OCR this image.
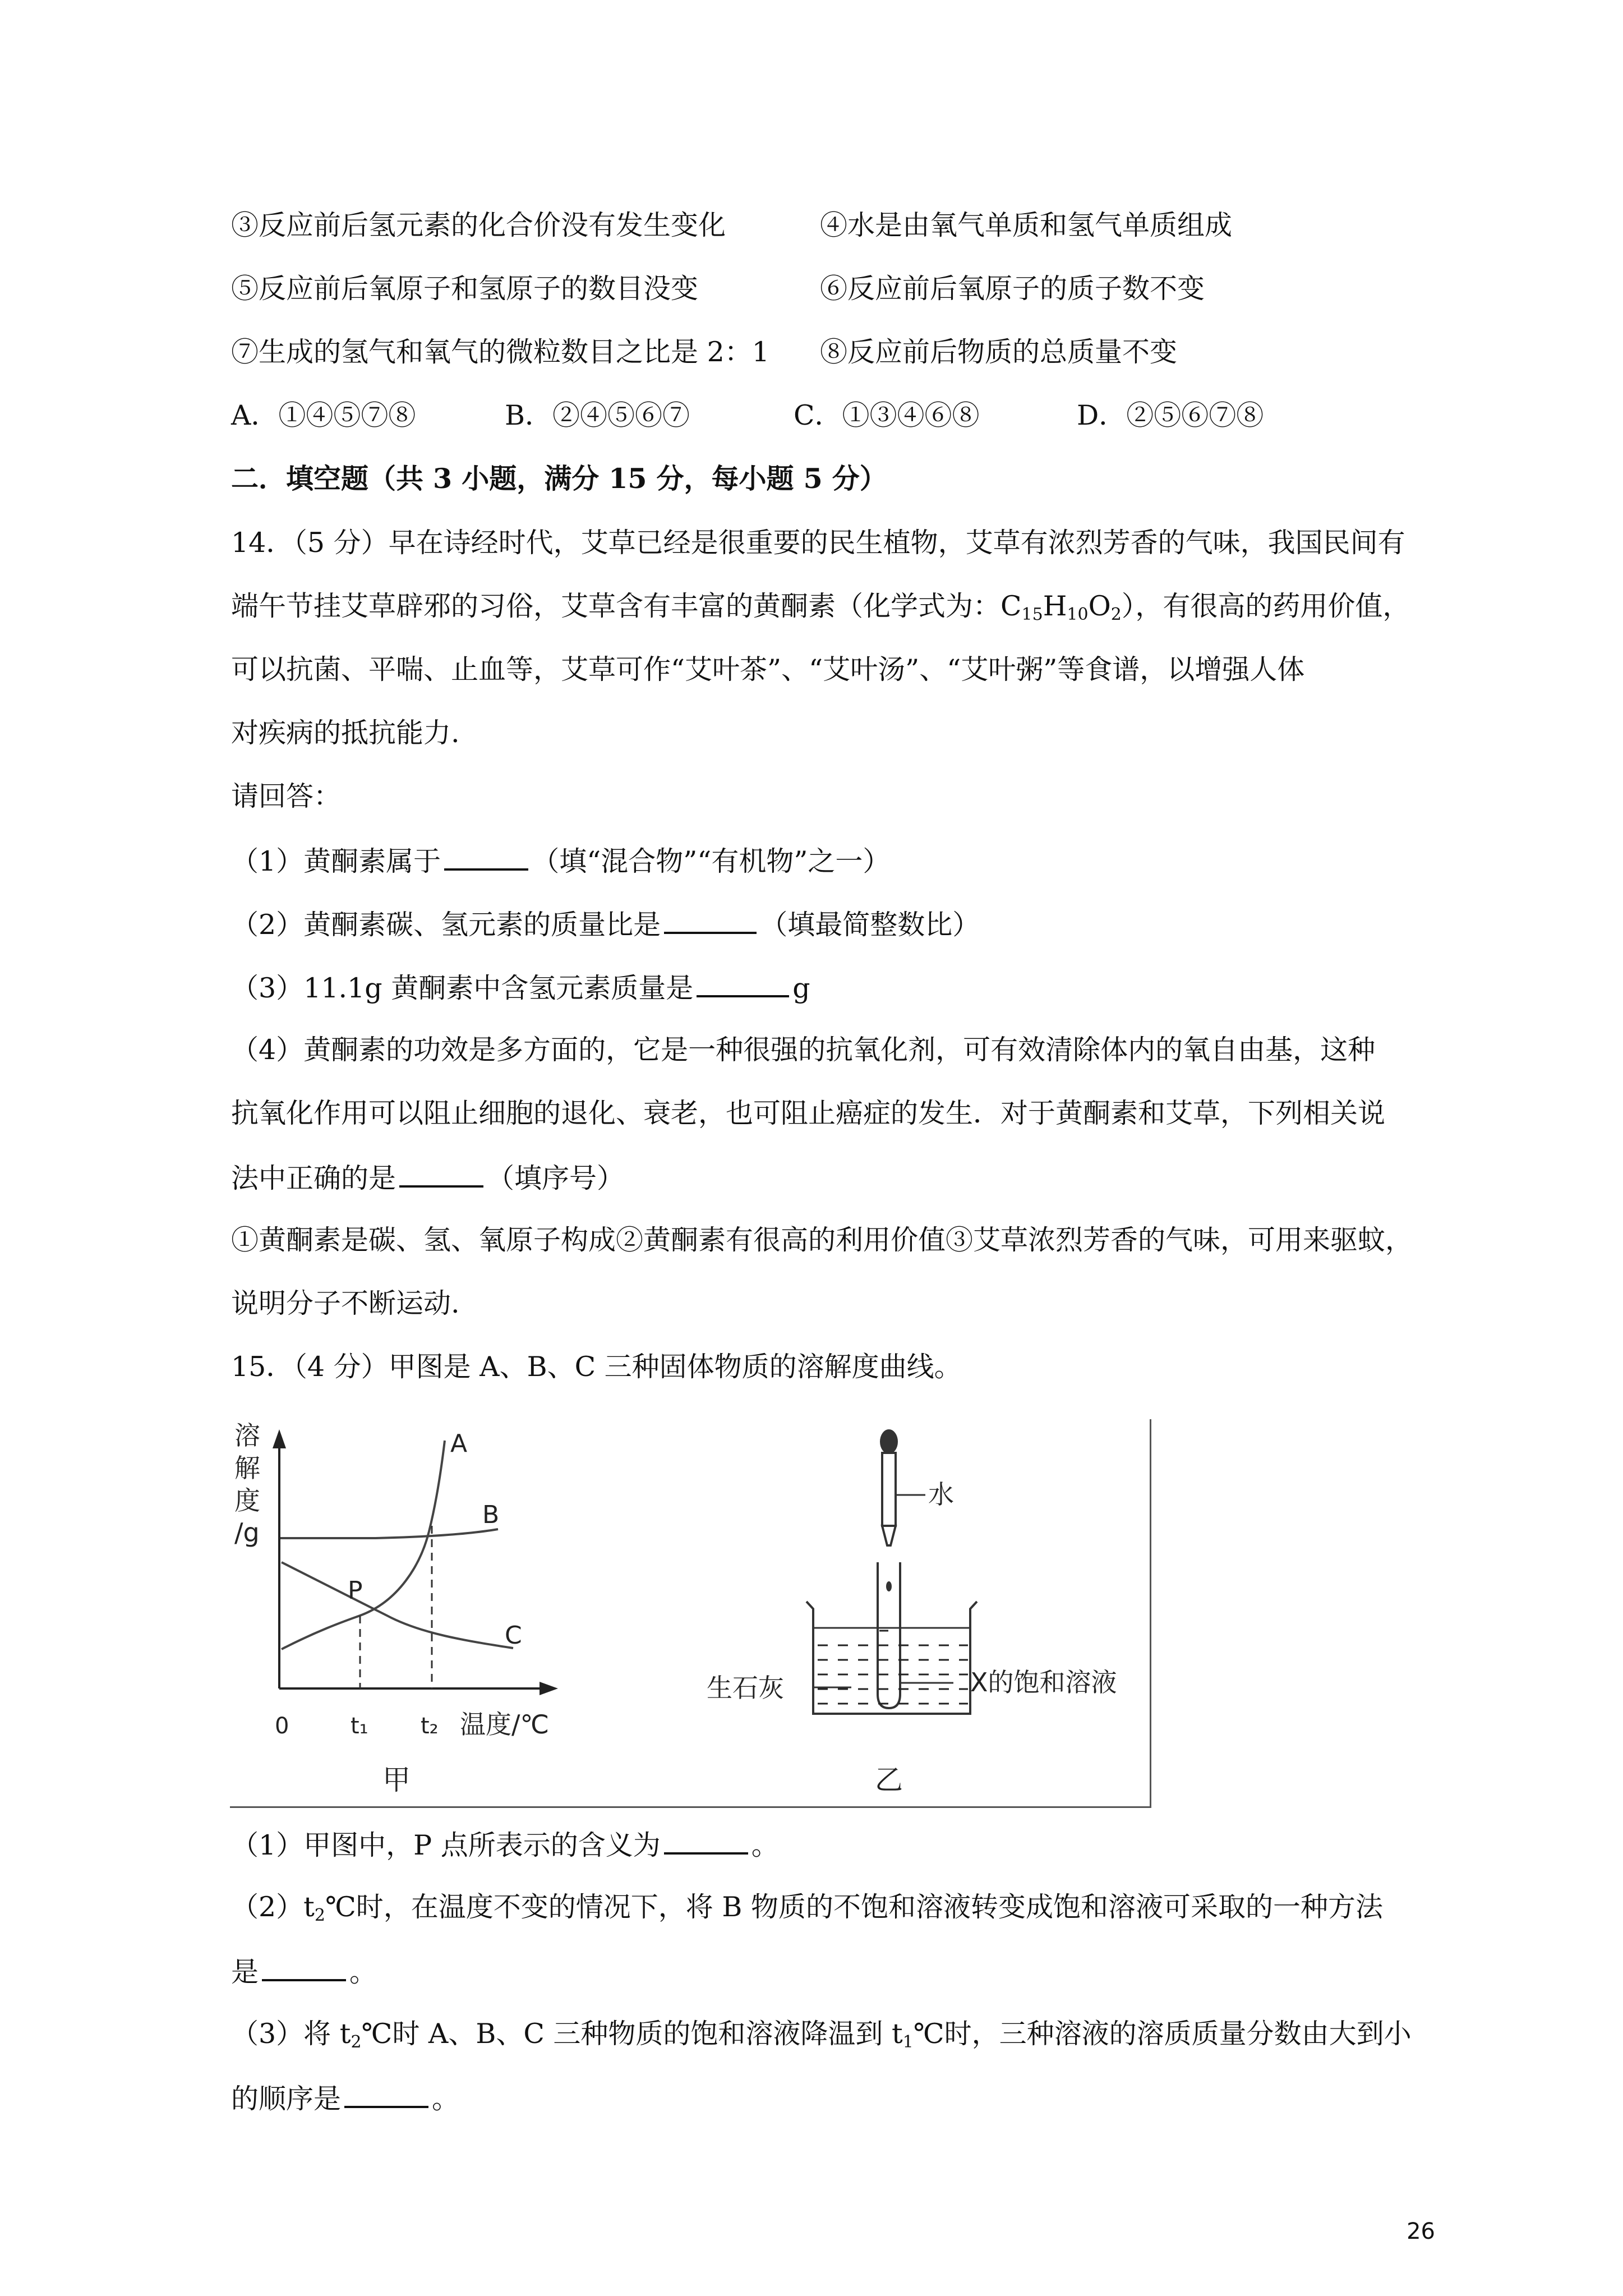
③反应前后氢元素的化合价没有发生变化	④水是由氧气单质和氢气单质组成
⑤反应前后氧原子和氢原子的数目没变	⑥反应前后氧原子的质子数不变
⑦生成的氢气和氧气的微粒数目之比是 2：1 ⑧反应前后物质的总质量不变
A．①④⑤⑦⑧	B．②④⑤⑥⑦	C．①③④⑥⑧	D．②⑤⑥⑦⑧
二．填空题（共 3 小题，满分 15 分，每小题 5 分）
14．（5 分）早在诗经时代，艾草已经是很重要的民生植物，艾草有浓烈芳香的气味，我国民间有
端午节挂艾草辟邪的习俗，艾草含有丰富的黄酮素（化学式为：$C_{15}H_{10}O_2$），有很高的药用价值，
可以抗菌、平喘、止血等，艾草可作“艾叶茶”、“艾叶汤”、“艾叶粥”等食谱，以增强人体
对疾病的抵抗能力.
请回答：
（1）黄酮素属于	（填“混合物”“有机物”之一）
（2）黄酮素碳、氢元素的质量比是	（填最简整数比）
（3）11.1g 黄酮素中含氢元素质量是	g
（4）黄酮素的功效是多方面的，它是一种很强的抗氧化剂，可有效清除体内的氧自由基，这种
抗氧化作用可以阻止细胞的退化、衰老，也可阻止癌症的发生．对于黄酮素和艾草，下列相关说
法中正确的是	（填序号）
①黄酮素是碳、氢、氧原子构成②黄酮素有很高的利用价值③艾草浓烈芳香的气味，可用来驱蚊，
说明分子不断运动.
15．（4 分）甲图是 A、B、C 三种固体物质的溶解度曲线。
溶
解
度
/g
A
B
C
P
0	t₁ t₂ 温度/℃
甲
水
生石灰	X的饱和溶液
乙
（1）甲图中，P 点所表示的含义为	。
$(2)t_2℃$时，在温度不变的情况下，将 B 物质的不饱和溶液转变成饱和溶液可采取的一种方法
是	。
（3）将 $t_2℃$时 A、B、C 三种物质的饱和溶液降温到 $t_1℃$时，三种溶液的溶质质量分数由大到小
的顺序是	。
26
